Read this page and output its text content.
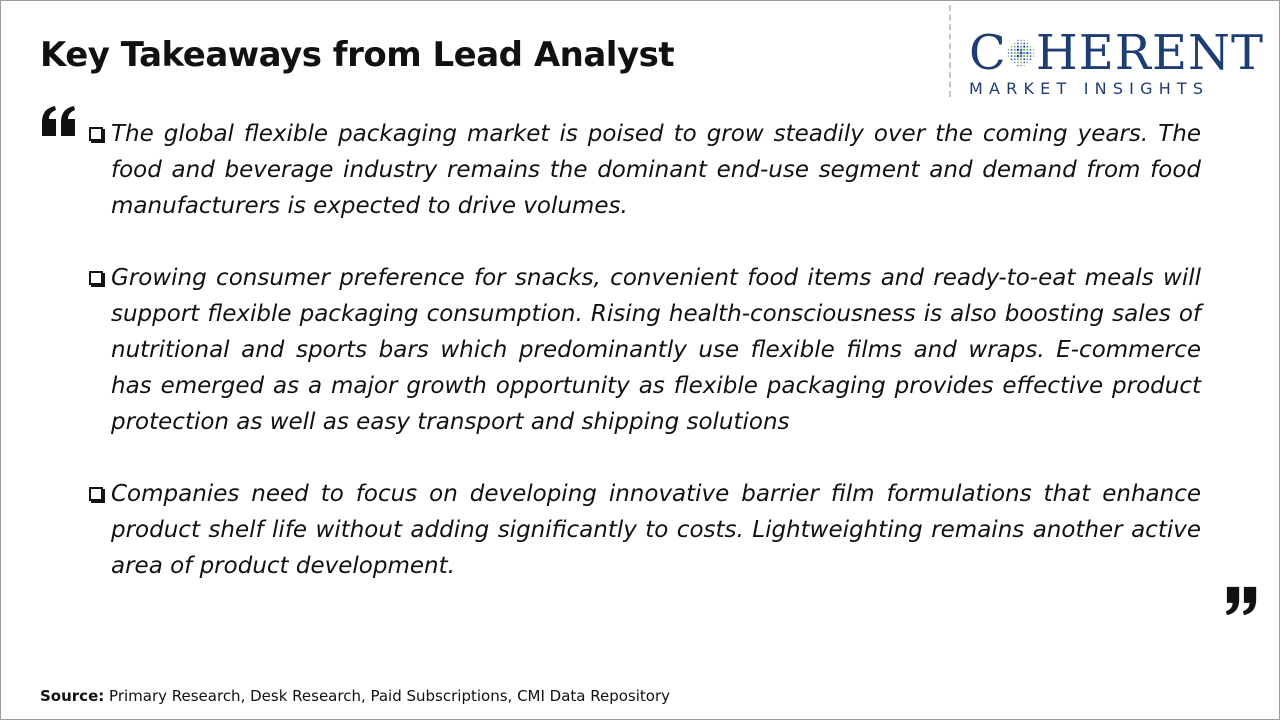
Key Takeaways from Lead Analyst	C HERENT
MARKET INSIGHTS
The global flexible packaging market is poised to grow steadily over the coming years. The food and beverage industry remains the dominant end-use segment and demand from food manufacturers is expected to drive volumes.
Growing consumer preference for snacks, convenient food items and ready-to-eat meals will support flexible packaging consumption. Rising health-consciousness is also boosting sales of nutritional and sports bars which predominantly use flexible films and wraps. E-commerce has emerged as a major growth opportunity as flexible packaging provides effective product protection as well as easy transport and shipping solutions
Companies need to focus on developing innovative barrier film formulations that enhance product shelf life without adding significantly to costs. Lightweighting remains another active area of product development.
Source: Primary Research, Desk Research, Paid Subscriptions, CMI Data Repository
